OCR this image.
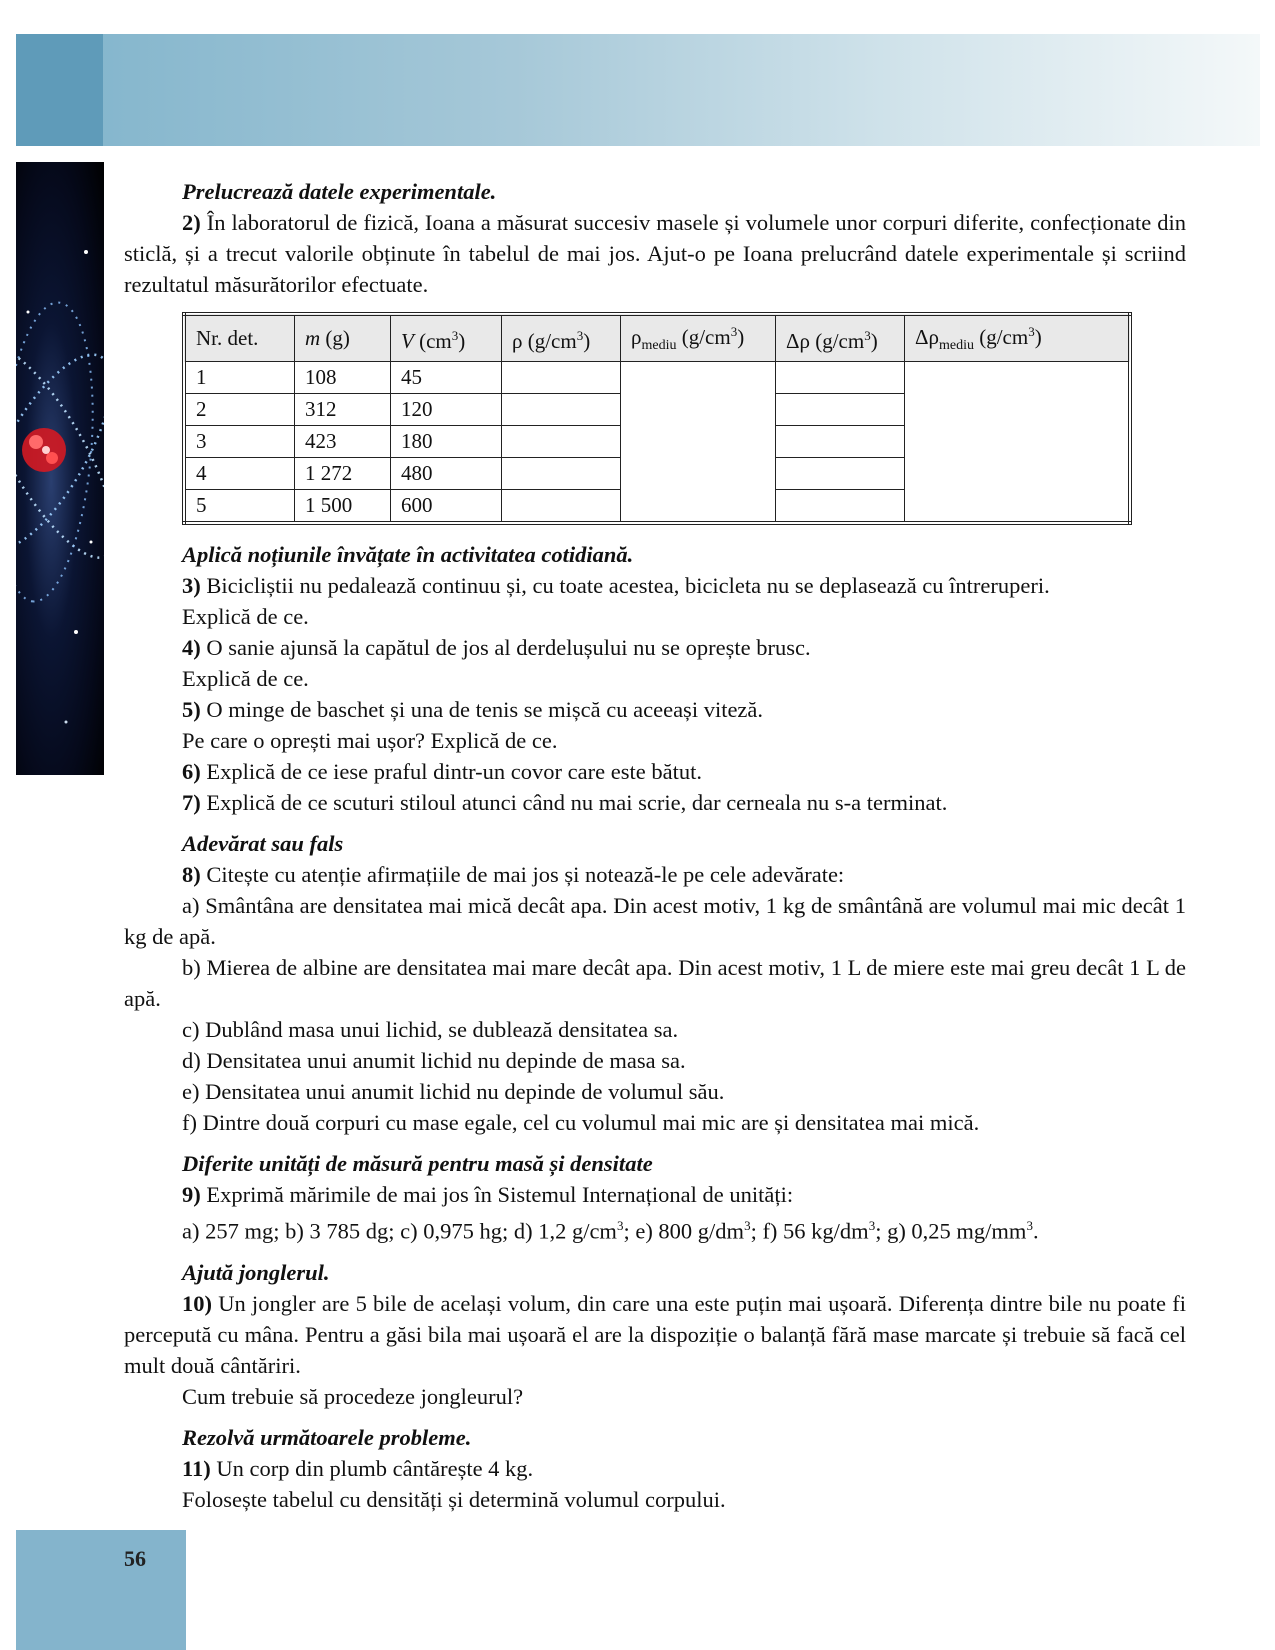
Prelucrează datele experimentale.
2) În laboratorul de fizică, Ioana a măsurat succesiv masele și volumele unor corpuri diferite, confecționate din sticlă, și a trecut valorile obținute în tabelul de mai jos. Ajut-o pe Ioana prelucrând datele experimentale și scriind rezultatul măsurătorilor efectuate.
Nr. det.	m (g)	V $(cm^3)$	ρ $(g/cm^3)$	$\rho_{mediu}$ $(g/cm^3)$	Δρ $(g/cm^3)$	$\Delta\rho_{mediu}$ $(g/cm^3)$
1	108	45				
2	312	120				
3	423	180				
4	1 272	480				
5	1 500	600				
Aplică noțiunile învățate în activitatea cotidiană.
3) Bicicliștii nu pedalează continuu și, cu toate acestea, bicicleta nu se deplasează cu întreruperi.
Explică de ce.
4) O sanie ajunsă la capătul de jos al derdelușului nu se oprește brusc.
Explică de ce.
5) O minge de baschet și una de tenis se mișcă cu aceeași viteză.
Pe care o oprești mai ușor? Explică de ce.
6) Explică de ce iese praful dintr-un covor care este bătut.
7) Explică de ce scuturi stiloul atunci când nu mai scrie, dar cerneala nu s-a terminat.
Adevărat sau fals
8) Citește cu atenție afirmațiile de mai jos și notează-le pe cele adevărate:
a) Smântâna are densitatea mai mică decât apa. Din acest motiv, 1 kg de smântână are volumul mai mic decât 1 kg de apă.
b) Mierea de albine are densitatea mai mare decât apa. Din acest motiv, 1 L de miere este mai greu decât 1 L de apă.
c) Dublând masa unui lichid, se dublează densitatea sa.
d) Densitatea unui anumit lichid nu depinde de masa sa.
e) Densitatea unui anumit lichid nu depinde de volumul său.
f) Dintre două corpuri cu mase egale, cel cu volumul mai mic are și densitatea mai mică.
Diferite unități de măsură pentru masă și densitate
9) Exprimă mărimile de mai jos în Sistemul Internațional de unități:
a) 257 mg; b) 3 785 dg; c) 0,975 hg; d) 1,2 $g/cm^3$; e) 800 $g/dm^3$; f) 56 $kg/dm^3$; g) 0,25 $mg/mm^3$.
Ajută jonglerul.
10) Un jongler are 5 bile de același volum, din care una este puțin mai ușoară. Diferența dintre bile nu poate fi percepută cu mâna. Pentru a găsi bila mai ușoară el are la dispoziție o balanță fără mase marcate și trebuie să facă cel mult două cântăriri.
Cum trebuie să procedeze jongleurul?
Rezolvă următoarele probleme.
11) Un corp din plumb cântărește 4 kg.
Folosește tabelul cu densități și determină volumul corpului.
56
